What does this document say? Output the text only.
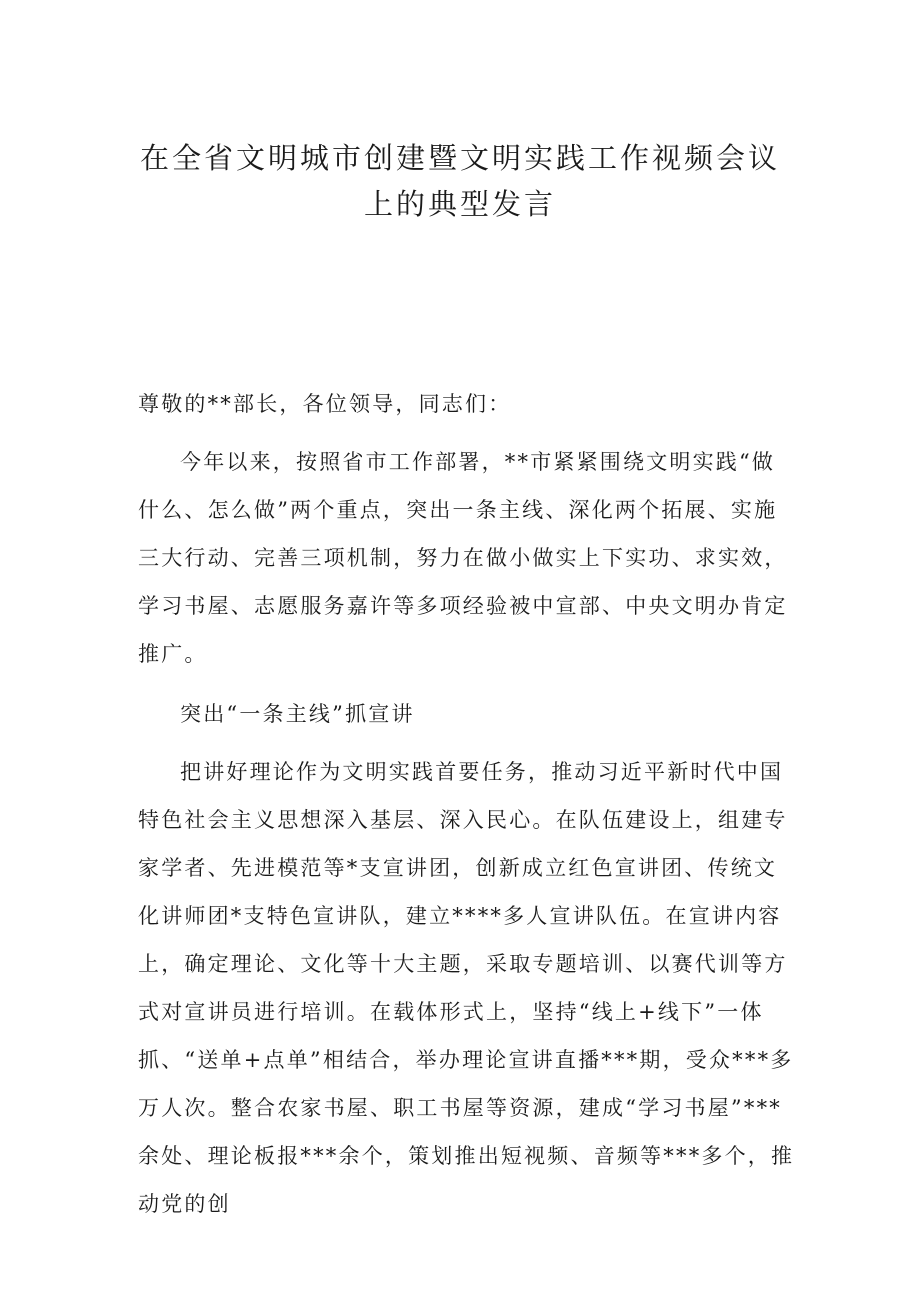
在全省文明城市创建暨文明实践工作视频会议
上的典型发言

尊敬的**部长，各位领导，同志们：

今年以来，按照省市工作部署，**市紧紧围绕文明实践“做什么、怎么做”两个重点，突出一条主线、深化两个拓展、实施三大行动、完善三项机制，努力在做小做实上下实功、求实效，学习书屋、志愿服务嘉许等多项经验被中宣部、中央文明办肯定推广。

突出“一条主线”抓宣讲

把讲好理论作为文明实践首要任务，推动习近平新时代中国特色社会主义思想深入基层、深入民心。在队伍建设上，组建专家学者、先进模范等*支宣讲团，创新成立红色宣讲团、传统文化讲师团*支特色宣讲队，建立****多人宣讲队伍。在宣讲内容上，确定理论、文化等十大主题，采取专题培训、以赛代训等方式对宣讲员进行培训。在载体形式上，坚持“线上+线下”一体抓、“送单+点单”相结合，举办理论宣讲直播***期，受众***多万人次。整合农家书屋、职工书屋等资源，建成“学习书屋”***余处、理论板报***余个，策划推出短视频、音频等***多个，推动党的创
